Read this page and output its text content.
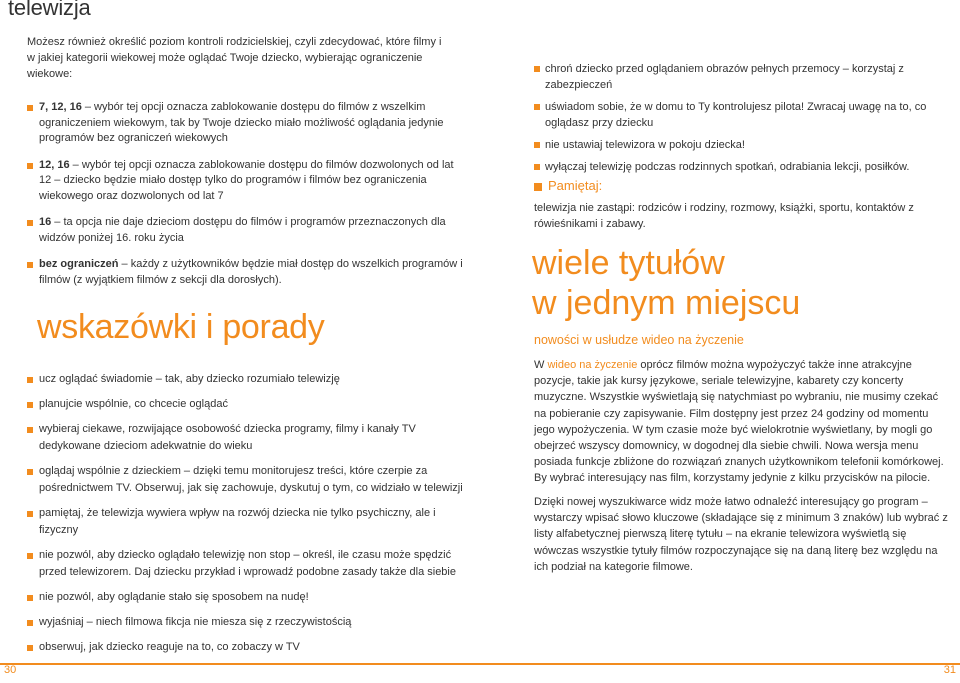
telewizja

Możesz również określić poziom kontroli rodzicielskiej, czyli zdecydować, które filmy i w jakiej kategorii wiekowej może oglądać Twoje dziecko, wybierając ograniczenie wiekowe:

7, 12, 16 – wybór tej opcji oznacza zablokowanie dostępu do filmów z wszelkim ograniczeniem wiekowym, tak by Twoje dziecko miało możliwość oglądania jedynie programów bez ograniczeń wiekowych
12, 16 – wybór tej opcji oznacza zablokowanie dostępu do filmów dozwolonych od lat 12 – dziecko będzie miało dostęp tylko do programów i filmów bez ograniczenia wiekowego oraz dozwolonych od lat 7
16 – ta opcja nie daje dzieciom dostępu do filmów i programów przeznaczonych dla widzów poniżej 16. roku życia
bez ograniczeń – każdy z użytkowników będzie miał dostęp do wszelkich programów i filmów (z wyjątkiem filmów z sekcji dla dorosłych).
wskazówki i porady
ucz oglądać świadomie – tak, aby dziecko rozumiało telewizję
planujcie wspólnie, co chcecie oglądać
wybieraj ciekawe, rozwijające osobowość dziecka programy, filmy i kanały TV dedykowane dzieciom adekwatnie do wieku
oglądaj wspólnie z dzieckiem – dzięki temu monitorujesz treści, które czerpie za pośrednictwem TV. Obserwuj, jak się zachowuje, dyskutuj o tym, co widziało w telewizji
pamiętaj, że telewizja wywiera wpływ na rozwój dziecka nie tylko psychiczny, ale i fizyczny
nie pozwól, aby dziecko oglądało telewizję non stop – określ, ile czasu może spędzić przed telewizorem. Daj dziecku przykład i wprowadź podobne zasady także dla siebie
nie pozwól, aby oglądanie stało się sposobem na nudę!
wyjaśniaj – niech filmowa fikcja nie miesza się z rzeczywistością
obserwuj, jak dziecko reaguje na to, co zobaczy w TV
30
chroń dziecko przed oglądaniem obrazów pełnych przemocy – korzystaj z zabezpieczeń
uświadom sobie, że w domu to Ty kontrolujesz pilota! Zwracaj uwagę na to, co oglądasz przy dziecku
nie ustawiaj telewizora w pokoju dziecka!
wyłączaj telewizję podczas rodzinnych spotkań, odrabiania lekcji, posiłków.
Pamiętaj:

telewizja nie zastąpi: rodziców i rodziny, rozmowy, książki, sportu, kontaktów z rówieśnikami i zabawy.

wiele tytułów
w jednym miejscu
nowości w usłudze wideo na życzenie

W wideo na życzenie oprócz filmów można wypożyczyć także inne atrakcyjne pozycje, takie jak kursy językowe, seriale telewizyjne, kabarety czy koncerty muzyczne. Wszystkie wyświetlają się natychmiast po wybraniu, nie musimy czekać na pobieranie czy zapisywanie. Film dostępny jest przez 24 godziny od momentu jego wypożyczenia. W tym czasie może być wielokrotnie wyświetlany, by mogli go obejrzeć wszyscy domownicy, w dogodnej dla siebie chwili. Nowa wersja menu posiada funkcje zbliżone do rozwiązań znanych użytkownikom telefonii komórkowej. By wybrać interesujący nas film, korzystamy jedynie z kilku przycisków na pilocie.

Dzięki nowej wyszukiwarce widz może łatwo odnaleźć interesujący go program – wystarczy wpisać słowo kluczowe (składające się z minimum 3 znaków) lub wybrać z listy alfabetycznej pierwszą literę tytułu – na ekranie telewizora wyświetlą się wówczas wszystkie tytuły filmów rozpoczynające się na daną literę bez względu na ich podział na kategorie filmowe.

31
